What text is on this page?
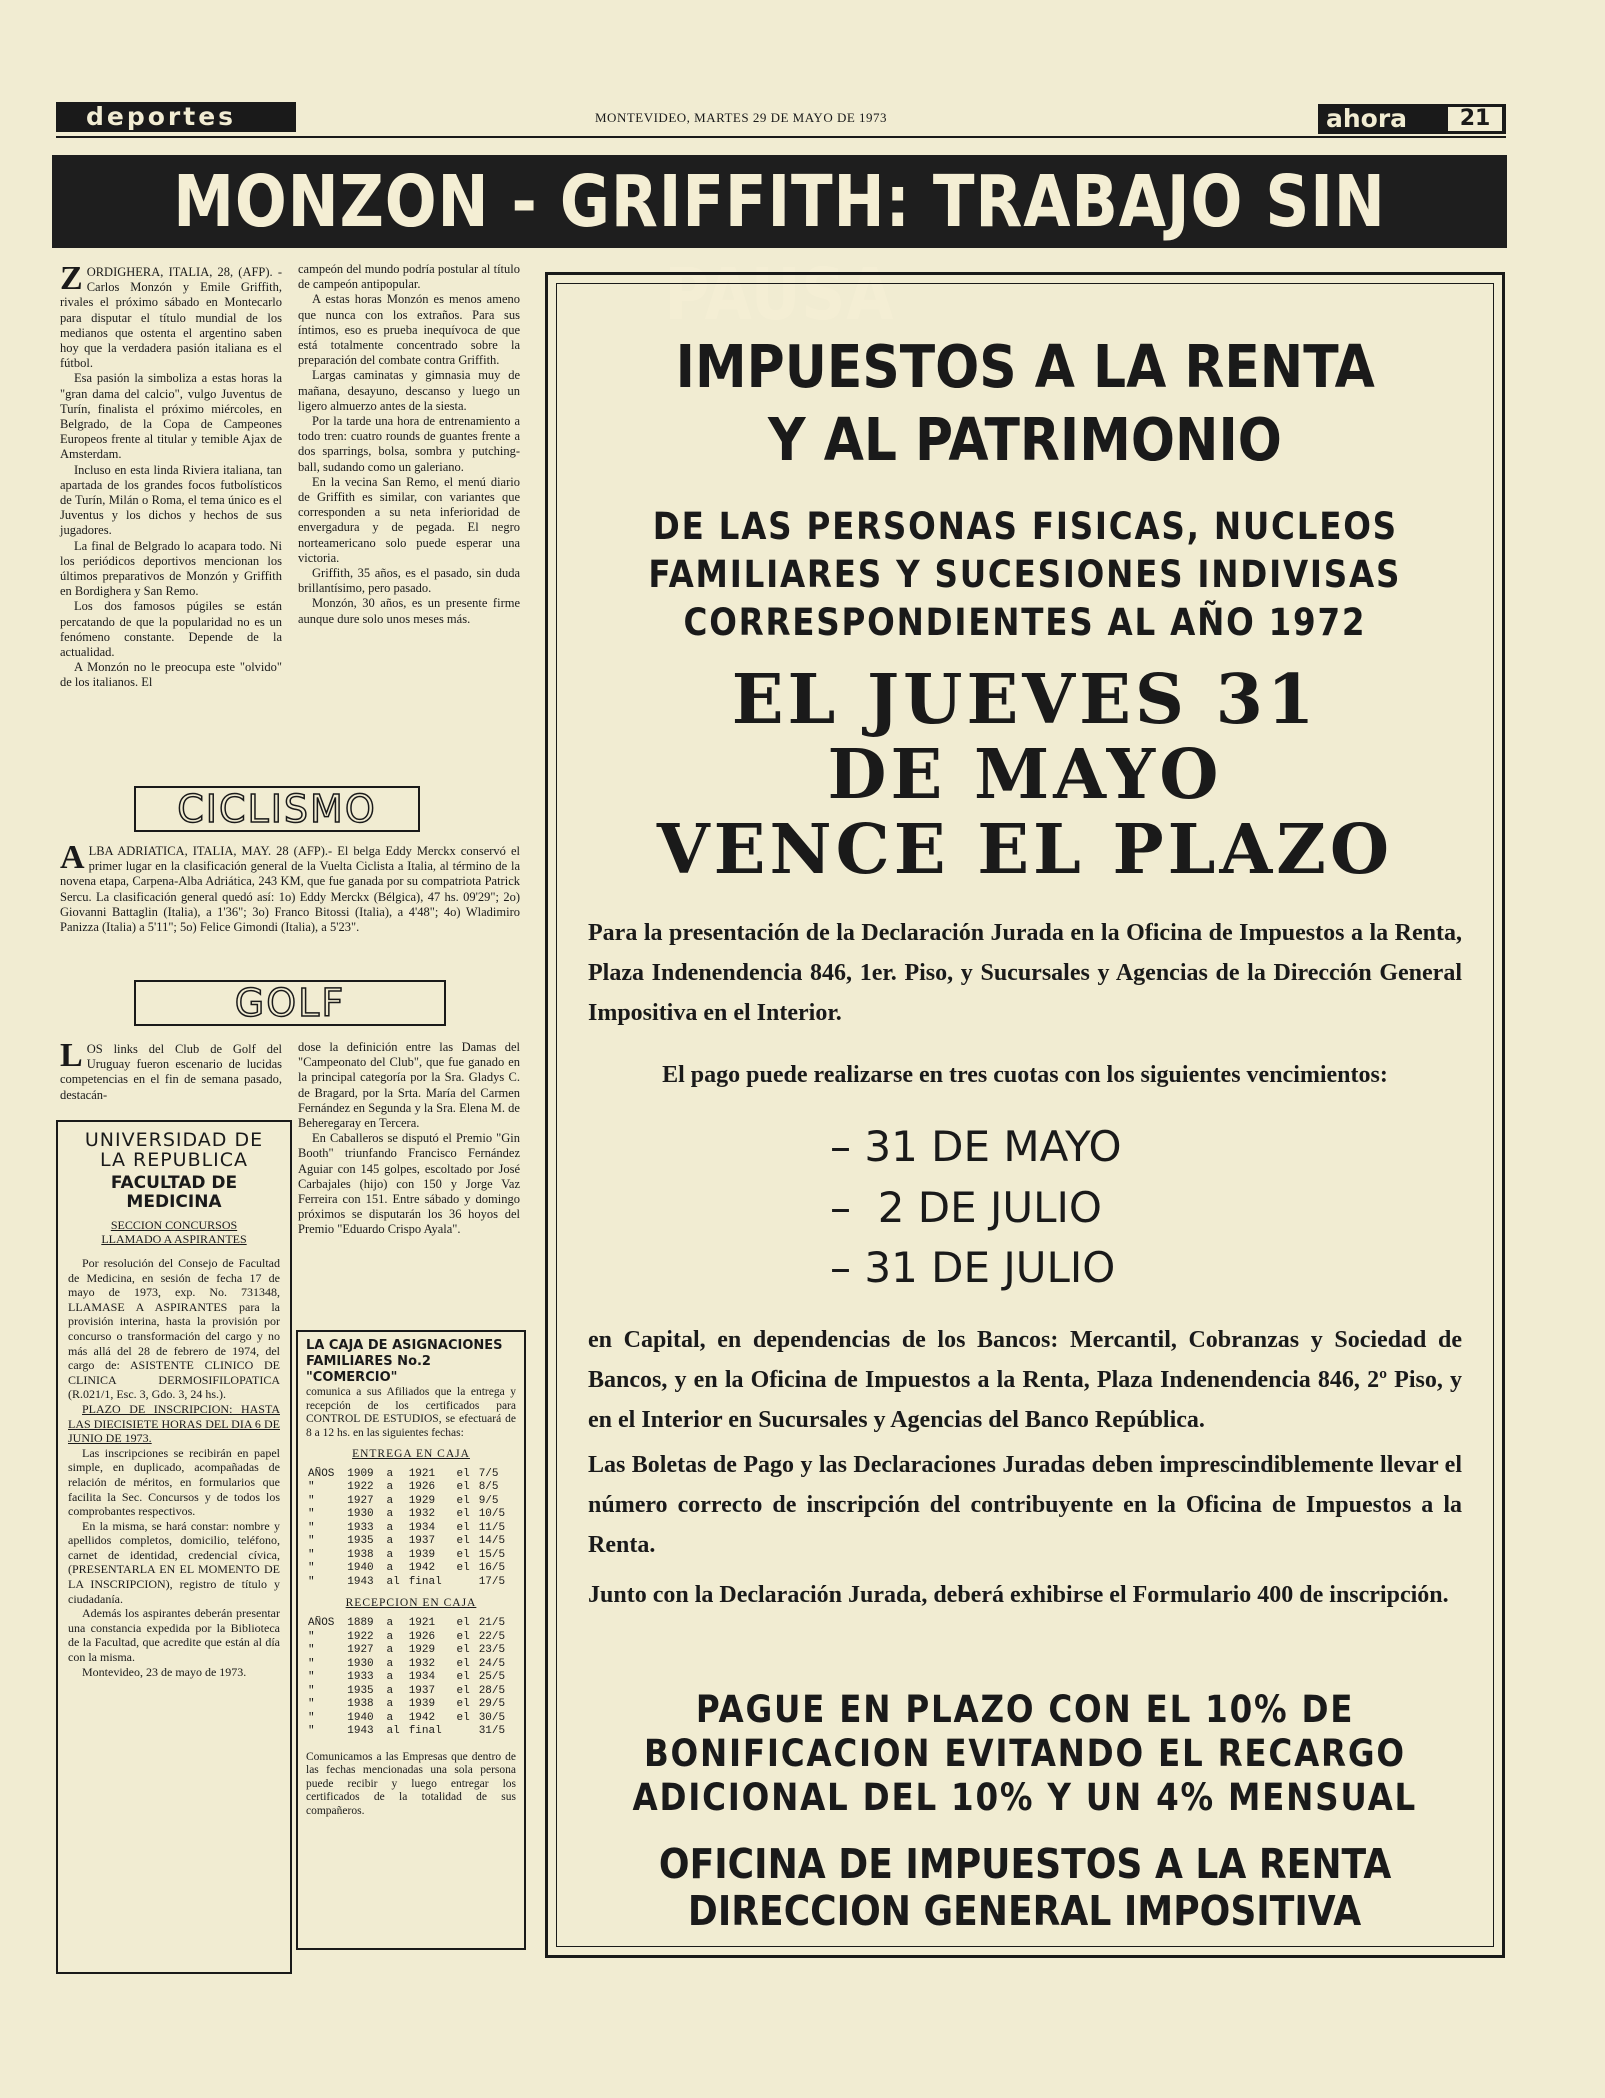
deportes	MONTEVIDEO, MARTES 29 DE MAYO DE 1973	ahora	21
MONZON - GRIFFITH: TRABAJO SIN PAUSA

ZORDIGHERA, ITALIA, 28, (AFP). - Carlos Monzón y Emile Griffith, rivales el próximo sábado en Montecarlo para disputar el título mundial de los medianos que ostenta el argentino saben hoy que la verdadera pasión italiana es el fútbol.

Esa pasión la simboliza a estas horas la "gran dama del calcio", vulgo Juventus de Turín, finalista el próximo miércoles, en Belgrado, de la Copa de Campeones Europeos frente al titular y temible Ajax de Amsterdam.

Incluso en esta linda Riviera italiana, tan apartada de los grandes focos futbolísticos de Turín, Milán o Roma, el tema único es el Juventus y los dichos y hechos de sus jugadores.

La final de Belgrado lo acapara todo. Ni los periódicos deportivos mencionan los últimos preparativos de Monzón y Griffith en Bordighera y San Remo.

Los dos famosos púgiles se están percatando de que la popularidad no es un fenómeno constante. Depende de la actualidad.

A Monzón no le preocupa este "olvido" de los italianos. El

campeón del mundo podría postular al título de campeón antipopular.

A estas horas Monzón es menos ameno que nunca con los extraños. Para sus íntimos, eso es prueba inequívoca de que está totalmente concentrado sobre la preparación del combate contra Griffith.

Largas caminatas y gimnasia muy de mañana, desayuno, descanso y luego un ligero almuerzo antes de la siesta.

Por la tarde una hora de entrenamiento a todo tren: cuatro rounds de guantes frente a dos sparrings, bolsa, sombra y putching-ball, sudando como un galeriano.

En la vecina San Remo, el menú diario de Griffith es similar, con variantes que corresponden a su neta inferioridad de envergadura y de pegada. El negro norteamericano solo puede esperar una victoria.

Griffith, 35 años, es el pasado, sin duda brillantísimo, pero pasado.

Monzón, 30 años, es un presente firme aunque dure solo unos meses más.

CICLISMO

ALBA ADRIATICA, ITALIA, MAY. 28 (AFP).- El belga Eddy Merckx conservó el primer lugar en la clasificación general de la Vuelta Ciclista a Italia, al término de la novena etapa, Carpena-Alba Adriática, 243 KM, que fue ganada por su compatriota Patrick Sercu. La clasificación general quedó así: 1o) Eddy Merckx (Bélgica), 47 hs. 09'29"; 2o) Giovanni Battaglin (Italia), a 1'36"; 3o) Franco Bitossi (Italia), a 4'48"; 4o) Wladimiro Panizza (Italia) a 5'11"; 5o) Felice Gimondi (Italia), a 5'23".

GOLF

LOS links del Club de Golf del Uruguay fueron escenario de lucidas competencias en el fin de semana pasado, destacán-

dose la definición entre las Damas del "Campeonato del Club", que fue ganado en la principal categoría por la Sra. Gladys C. de Bragard, por la Srta. María del Carmen Fernández en Segunda y la Sra. Elena M. de Beheregaray en Tercera.

En Caballeros se disputó el Premio "Gin Booth" triunfando Francisco Fernández Aguiar con 145 golpes, escoltado por José Carbajales (hijo) con 150 y Jorge Vaz Ferreira con 151. Entre sábado y domingo próximos se disputarán los 36 hoyos del Premio "Eduardo Crispo Ayala".

UNIVERSIDAD DE
LA REPUBLICA
FACULTAD DE
MEDICINA
SECCION CONCURSOS
LLAMADO A ASPIRANTES

Por resolución del Consejo de Facultad de Medicina, en sesión de fecha 17 de mayo de 1973, exp. No. 731348, LLAMASE A ASPIRANTES para la provisión interina, hasta la provisión por concurso o transformación del cargo y no más allá del 28 de febrero de 1974, del cargo de: ASISTENTE CLINICO DE CLINICA DERMOSIFILOPATICA (R.021/1, Esc. 3, Gdo. 3, 24 hs.).

PLAZO DE INSCRIPCION: HASTA LAS DIECISIETE HORAS DEL DIA 6 DE JUNIO DE 1973.

Las inscripciones se recibirán en papel simple, en duplicado, acompañadas de relación de méritos, en formularios que facilita la Sec. Concursos y de todos los comprobantes respectivos.

En la misma, se hará constar: nombre y apellidos completos, domicilio, teléfono, carnet de identidad, credencial cívica, (PRESENTARLA EN EL MOMENTO DE LA INSCRIPCION), registro de título y ciudadanía.

Además los aspirantes deberán presentar una constancia expedida por la Biblioteca de la Facultad, que acredite que están al día con la misma.

Montevideo, 23 de mayo de 1973.

LA CAJA DE ASIGNACIONES
FAMILIARES No.2 "COMERCIO"
comunica a sus Afiliados que la entrega y recepción de los certificados para CONTROL DE ESTUDIOS, se efectuará de 8 a 12 hs. en las siguientes fechas:
ENTREGA EN CAJA
AÑOS	1909	a	1921	el	7/5
"	1922	a	1926	el	8/5
"	1927	a	1929	el	9/5
"	1930	a	1932	el	10/5
"	1933	a	1934	el	11/5
"	1935	a	1937	el	14/5
"	1938	a	1939	el	15/5
"	1940	a	1942	el	16/5
"	1943	al	final		17/5
RECEPCION EN CAJA
AÑOS	1889	a	1921	el	21/5
"	1922	a	1926	el	22/5
"	1927	a	1929	el	23/5
"	1930	a	1932	el	24/5
"	1933	a	1934	el	25/5
"	1935	a	1937	el	28/5
"	1938	a	1939	el	29/5
"	1940	a	1942	el	30/5
"	1943	al	final		31/5
Comunicamos a las Empresas que dentro de las fechas mencionadas una sola persona puede recibir y luego entregar los certificados de la totalidad de sus compañeros.
IMPUESTOS A LA RENTA
Y AL PATRIMONIO
DE LAS PERSONAS FISICAS, NUCLEOS
FAMILIARES Y SUCESIONES INDIVISAS
CORRESPONDIENTES AL AÑO 1972
EL JUEVES 31
DE MAYO
VENCE EL PLAZO
Para la presentación de la Declaración Jurada en la Oficina de Impuestos a la Renta, Plaza Indenendencia 846, 1er. Piso, y Sucursales y Agencias de la Dirección General Impositiva en el Interior.
El pago puede realizarse en tres cuotas con los siguientes vencimientos:
– 31 DE MAYO
–  2 DE JULIO
– 31 DE JULIO
en Capital, en dependencias de los Bancos: Mercantil, Cobranzas y Sociedad de Bancos, y en la Oficina de Impuestos a la Renta, Plaza Indenendencia 846, 2º Piso, y en el Interior en Sucursales y Agencias del Banco República.
Las Boletas de Pago y las Declaraciones Juradas deben imprescindiblemente llevar el número correcto de inscripción del contribuyente en la Oficina de Impuestos a la Renta.
Junto con la Declaración Jurada, deberá exhibirse el Formulario 400 de inscripción.
PAGUE EN PLAZO CON EL 10% DE
BONIFICACION EVITANDO EL RECARGO
ADICIONAL DEL 10% Y UN 4% MENSUAL
OFICINA DE IMPUESTOS A LA RENTA
DIRECCION GENERAL IMPOSITIVA
